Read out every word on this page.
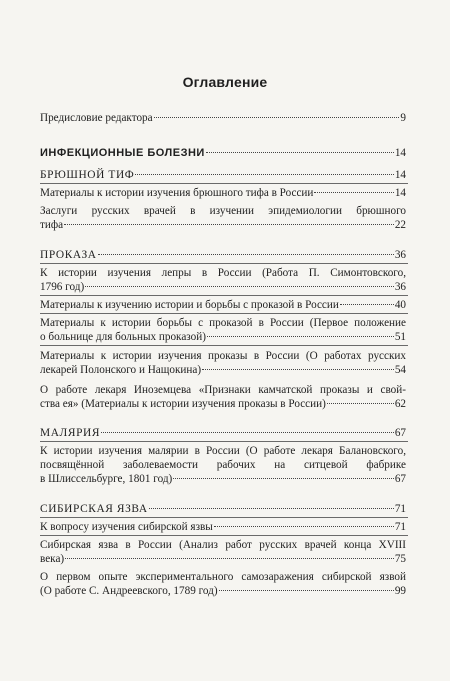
Оглавление
Предисловие редактора	9
ИНФЕКЦИОННЫЕ БОЛЕЗНИ	14
БРЮШНОЙ ТИФ	14
Материалы к истории изучения брюшного тифа в России	14
Заслуги русских врачей в изучении эпидемиологии брюшного
тифа	22
ПРОКАЗА	36
К истории изучения лепры в России (Работа П. Симонтовского,
1796 год)	36
Материалы к изучению истории и борьбы с проказой в России	40
Материалы к истории борьбы с проказой в России (Первое положение
о больнице для больных проказой)	51
Материалы к истории изучения проказы в России (О работах русских
лекарей Полонского и Нащокина)	54
О работе лекаря Иноземцева «Признаки камчатской проказы и свой-
ства ея» (Материалы к истории изучения проказы в России)	62
МАЛЯРИЯ	67
К истории изучения малярии в России (О работе лекаря Балановского, посвящённой заболеваемости рабочих на ситцевой фабрике
в Шлиссельбурге, 1801 год)	67
СИБИРСКАЯ ЯЗВА	71
К вопросу изучения сибирской язвы	71
Сибирская язва в России (Анализ работ русских врачей конца XVIII
века)	75
О первом опыте экспериментального самозаражения сибирской язвой
(О работе С. Андреевского, 1789 год)	99
